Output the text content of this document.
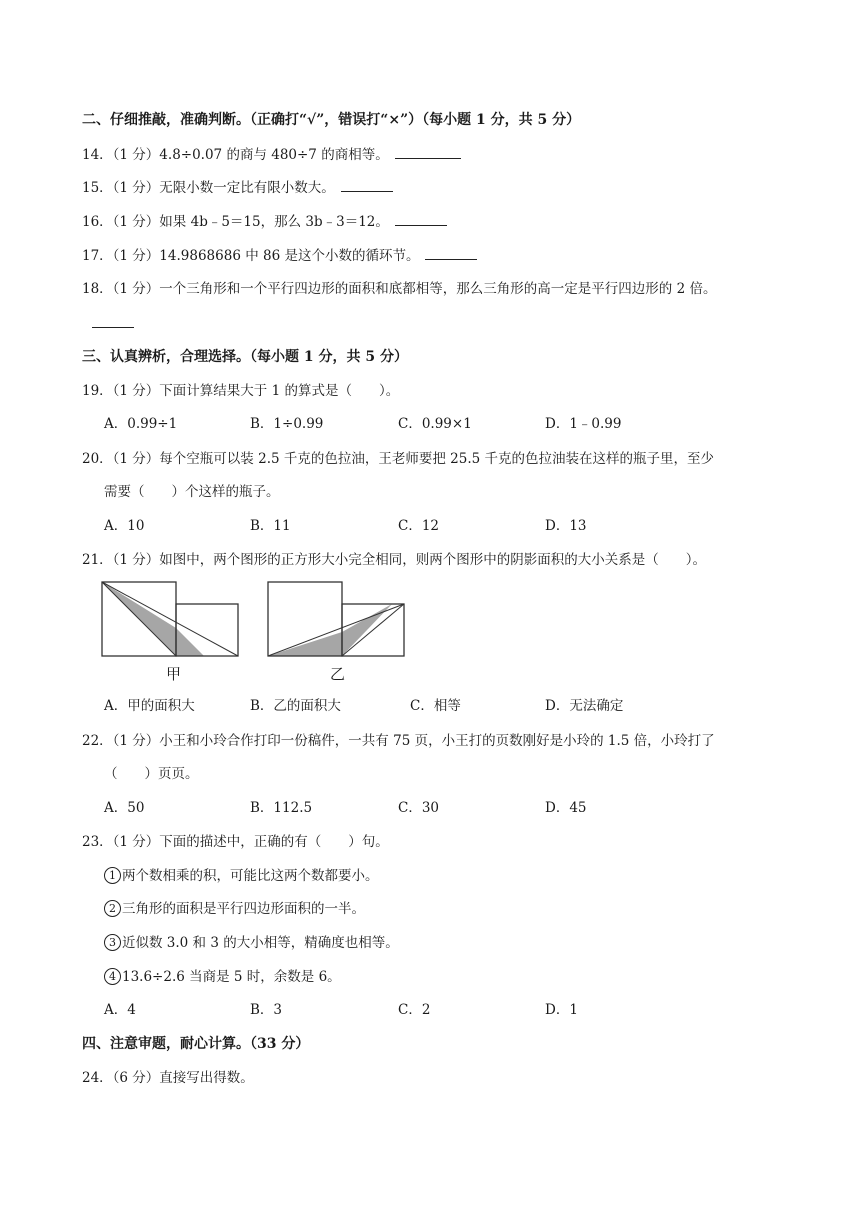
二、仔细推敲，准确判断。（正确打“√”，错误打“×”）（每小题 1 分，共 5 分）
14．（1 分）4.8÷0.07 的商与 480÷7 的商相等。
15．（1 分）无限小数一定比有限小数大。
16．（1 分）如果 4b﹣5＝15，那么 3b﹣3＝12。
17．（1 分）14.9868686 中 86 是这个小数的循环节。
18．（1 分）一个三角形和一个平行四边形的面积和底都相等，那么三角形的高一定是平行四边形的 2 倍。
三、认真辨析，合理选择。（每小题 1 分，共 5 分）
19．（1 分）下面计算结果大于 1 的算式是（　　）。
A．0.99÷1	B．1÷0.99	C．0.99×1	D．1﹣0.99
20．（1 分）每个空瓶可以装 2.5 千克的色拉油，王老师要把 25.5 千克的色拉油装在这样的瓶子里，至少
需要（　　）个这样的瓶子。
A．10	B．11	C．12	D．13
21．（1 分）如图中，两个图形的正方形大小完全相同，则两个图形中的阴影面积的大小关系是（　　）。
甲	乙
A．甲的面积大	B．乙的面积大	C．相等	D．无法确定
22．（1 分）小王和小玲合作打印一份稿件，一共有 75 页，小王打的页数刚好是小玲的 1.5 倍，小玲打了
（　　）页页。
A．50	B．112.5	C．30	D．45
23．（1 分）下面的描述中，正确的有（　　）句。
1 两个数相乘的积，可能比这两个数都要小。
2 三角形的面积是平行四边形面积的一半。
3 近似数 3.0 和 3 的大小相等，精确度也相等。
4 13.6÷2.6 当商是 5 时，余数是 6。
A．4	B．3	C．2	D．1
四、注意审题，耐心计算。（33 分）
24．（6 分）直接写出得数。
